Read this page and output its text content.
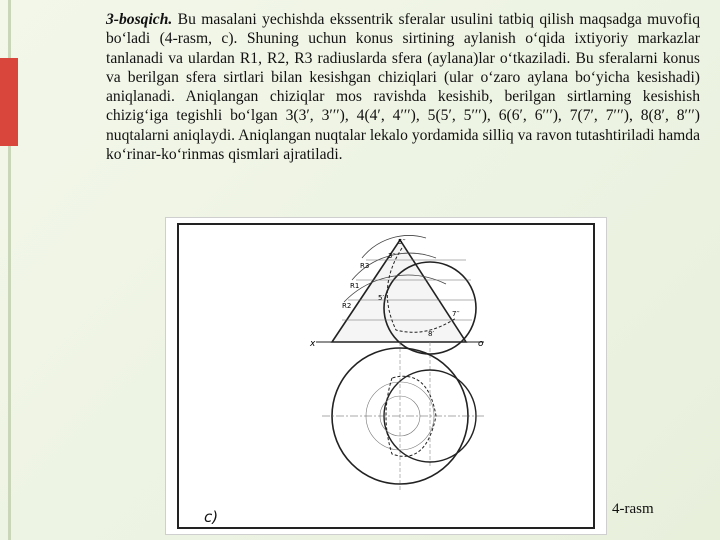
3-bosqich. Bu masalani yechishda ekssentrik sferalar usulini tatbiq qilish maqsadga muvofiq bo‘ladi (4-rasm, c). Shuning uchun konus sirtining aylanish o‘qida ixtiyoriy markazlar tanlanadi va ulardan R1, R2, R3 radiuslarda sfera (aylana)lar o‘tkaziladi. Bu sferalarni konus va berilgan sfera sirtlari bilan kesishgan chiziqlari (ular o‘zaro aylana bo‘yicha kesishadi) aniqlanadi. Aniqlangan chiziqlar mos ravishda kesishib, berilgan sirtlarning kesishish chizig‘iga tegishli bo‘lgan 3(3′, 3′′′), 4(4′, 4′′′), 5(5′, 5′′′), 6(6′, 6′′′), 7(7′, 7′′′), 8(8′, 8′′′) nuqtalarni aniqlaydi. Aniqlangan nuqtalar lekalo yordamida silliq va ravon tutashtiriladi hamda ko‘rinar-ko‘rinmas qismlari ajratiladi.
x	o
5′′
3′′
R3
R1
R2
5′
7′′
8′
c)	4-rasm
